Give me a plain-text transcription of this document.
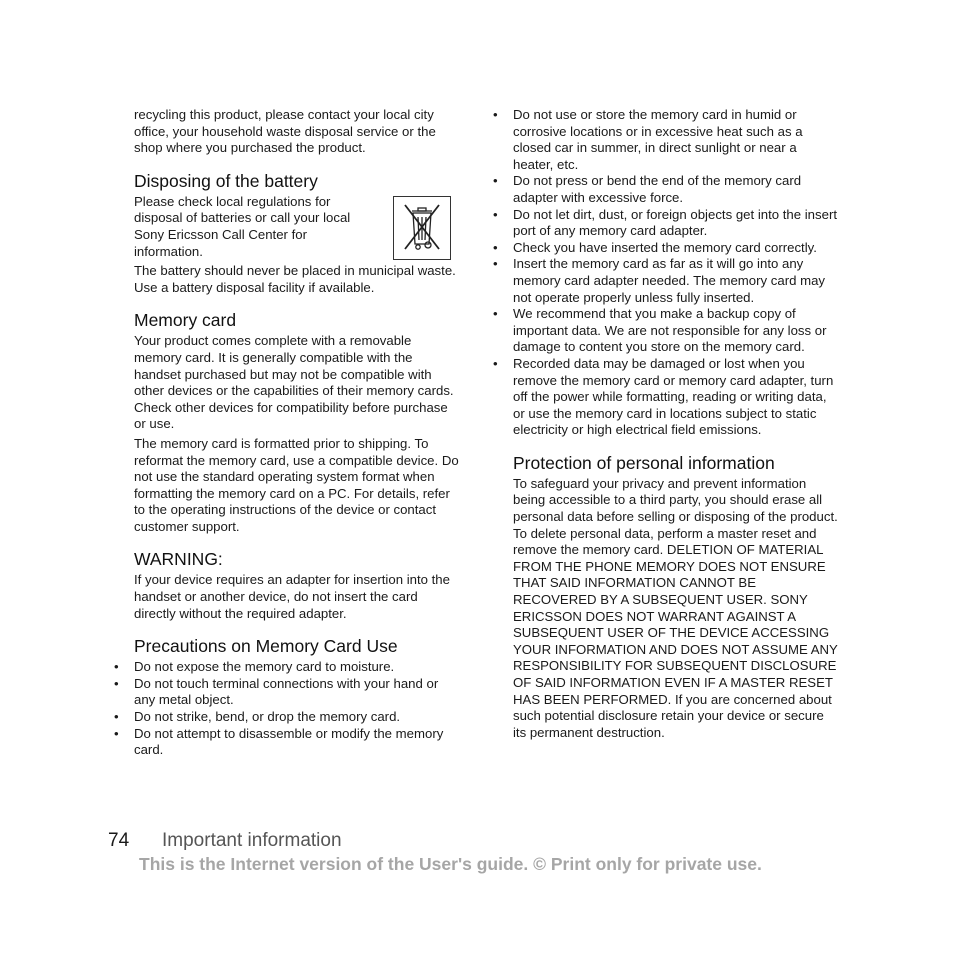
recycling this product, please contact your local city office, your household waste disposal service or the shop where you purchased the product.

Disposing of the battery

Please check local regulations for disposal of batteries or call your local Sony Ericsson Call Center for information.

The battery should never be placed in municipal waste. Use a battery disposal facility if available.

Memory card

Your product comes complete with a removable memory card. It is generally compatible with the handset purchased but may not be compatible with other devices or the capabilities of their memory cards. Check other devices for compatibility before purchase or use.

The memory card is formatted prior to shipping. To reformat the memory card, use a compatible device. Do not use the standard operating system format when formatting the memory card on a PC. For details, refer to the operating instructions of the device or contact customer support.

WARNING:

If your device requires an adapter for insertion into the handset or another device, do not insert the card directly without the required adapter.

Precautions on Memory Card Use
• Do not expose the memory card to moisture.
• Do not touch terminal connections with your hand or any metal object.
• Do not strike, bend, or drop the memory card.
• Do not attempt to disassemble or modify the memory card.
• Do not use or store the memory card in humid or corrosive locations or in excessive heat such as a closed car in summer, in direct sunlight or near a heater, etc.
• Do not press or bend the end of the memory card adapter with excessive force.
• Do not let dirt, dust, or foreign objects get into the insert port of any memory card adapter.
• Check you have inserted the memory card correctly.
• Insert the memory card as far as it will go into any memory card adapter needed. The memory card may not operate properly unless fully inserted.
• We recommend that you make a backup copy of important data. We are not responsible for any loss or damage to content you store on the memory card.
• Recorded data may be damaged or lost when you remove the memory card or memory card adapter, turn off the power while formatting, reading or writing data, or use the memory card in locations subject to static electricity or high electrical field emissions.
Protection of personal information

To safeguard your privacy and prevent information being accessible to a third party, you should erase all personal data before selling or disposing of the product. To delete personal data, perform a master reset and remove the memory card. DELETION OF MATERIAL FROM THE PHONE MEMORY DOES NOT ENSURE THAT SAID INFORMATION CANNOT BE RECOVERED BY A SUBSEQUENT USER. SONY ERICSSON DOES NOT WARRANT AGAINST A SUBSEQUENT USER OF THE DEVICE ACCESSING YOUR INFORMATION AND DOES NOT ASSUME ANY RESPONSIBILITY FOR SUBSEQUENT DISCLOSURE OF SAID INFORMATION EVEN IF A MASTER RESET HAS BEEN PERFORMED. If you are concerned about such potential disclosure retain your device or secure its permanent destruction.

74 Important information
This is the Internet version of the User's guide. © Print only for private use.
